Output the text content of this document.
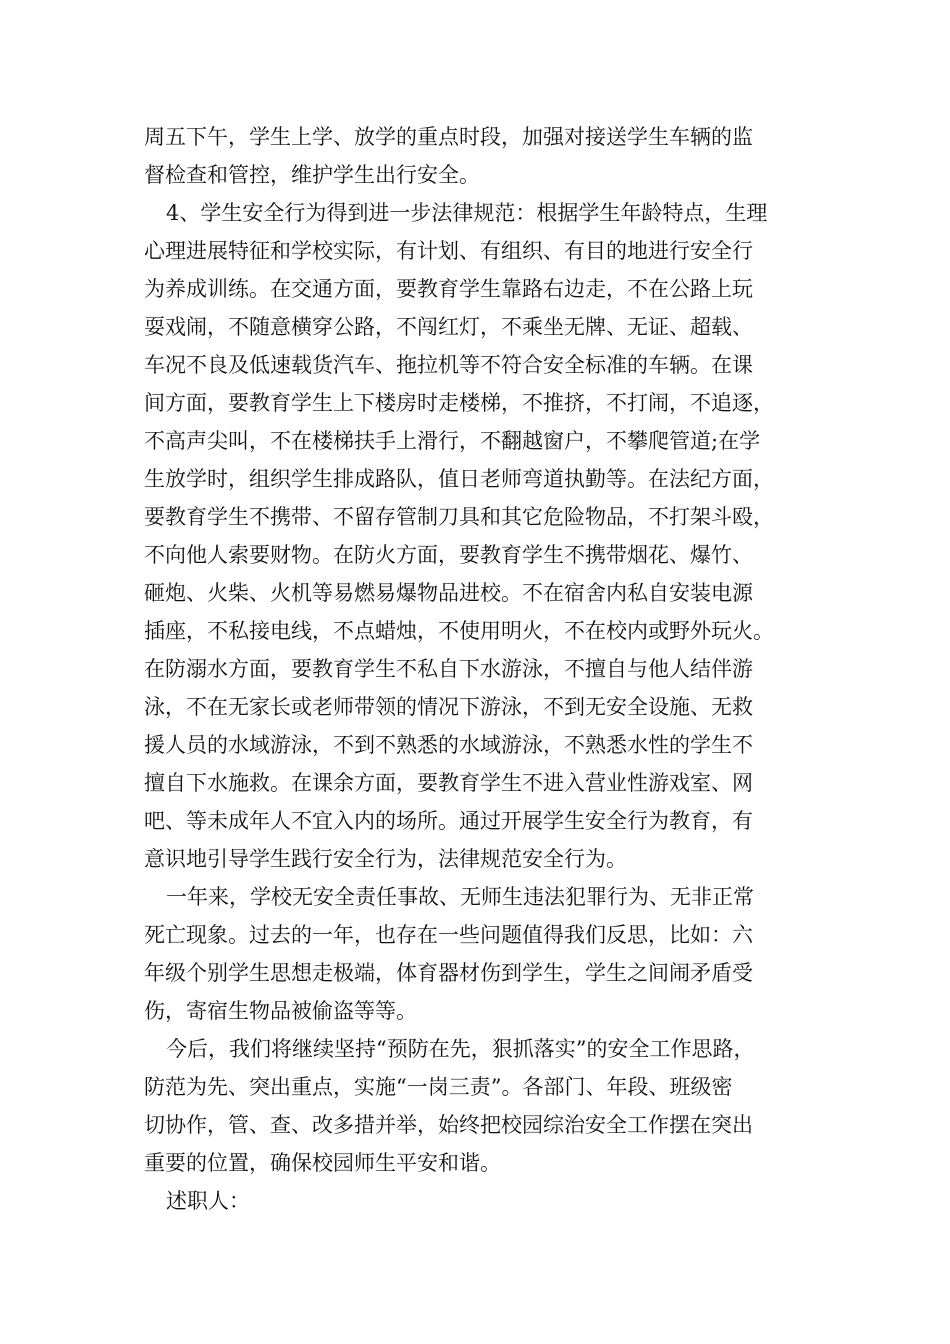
周五下午，学生上学、放学的重点时段，加强对接送学生车辆的监
督检查和管控，维护学生出行安全。
4、学生安全行为得到进一步法律规范：根据学生年龄特点，生理
心理进展特征和学校实际，有计划、有组织、有目的地进行安全行
为养成训练。在交通方面，要教育学生靠路右边走，不在公路上玩
耍戏闹，不随意横穿公路，不闯红灯，不乘坐无牌、无证、超载、
车况不良及低速载货汽车、拖拉机等不符合安全标准的车辆。在课
间方面，要教育学生上下楼房时走楼梯，不推挤，不打闹，不追逐，
不高声尖叫，不在楼梯扶手上滑行，不翻越窗户，不攀爬管道;在学
生放学时，组织学生排成路队，值日老师弯道执勤等。在法纪方面，
要教育学生不携带、不留存管制刀具和其它危险物品，不打架斗殴，
不向他人索要财物。在防火方面，要教育学生不携带烟花、爆竹、
砸炮、火柴、火机等易燃易爆物品进校。不在宿舍内私自安装电源
插座，不私接电线，不点蜡烛，不使用明火，不在校内或野外玩火。
在防溺水方面，要教育学生不私自下水游泳，不擅自与他人结伴游
泳，不在无家长或老师带领的情况下游泳，不到无安全设施、无救
援人员的水域游泳，不到不熟悉的水域游泳，不熟悉水性的学生不
擅自下水施救。在课余方面，要教育学生不进入营业性游戏室、网
吧、等未成年人不宜入内的场所。通过开展学生安全行为教育，有
意识地引导学生践行安全行为，法律规范安全行为。
一年来，学校无安全责任事故、无师生违法犯罪行为、无非正常
死亡现象。过去的一年，也存在一些问题值得我们反思，比如：六
年级个别学生思想走极端，体育器材伤到学生，学生之间闹矛盾受
伤，寄宿生物品被偷盗等等。
今后，我们将继续坚持“预防在先，狠抓落实”的安全工作思路，
防范为先、突出重点，实施“一岗三责”。各部门、年段、班级密
切协作，管、查、改多措并举，始终把校园综治安全工作摆在突出
重要的位置，确保校园师生平安和谐。
述职人：
